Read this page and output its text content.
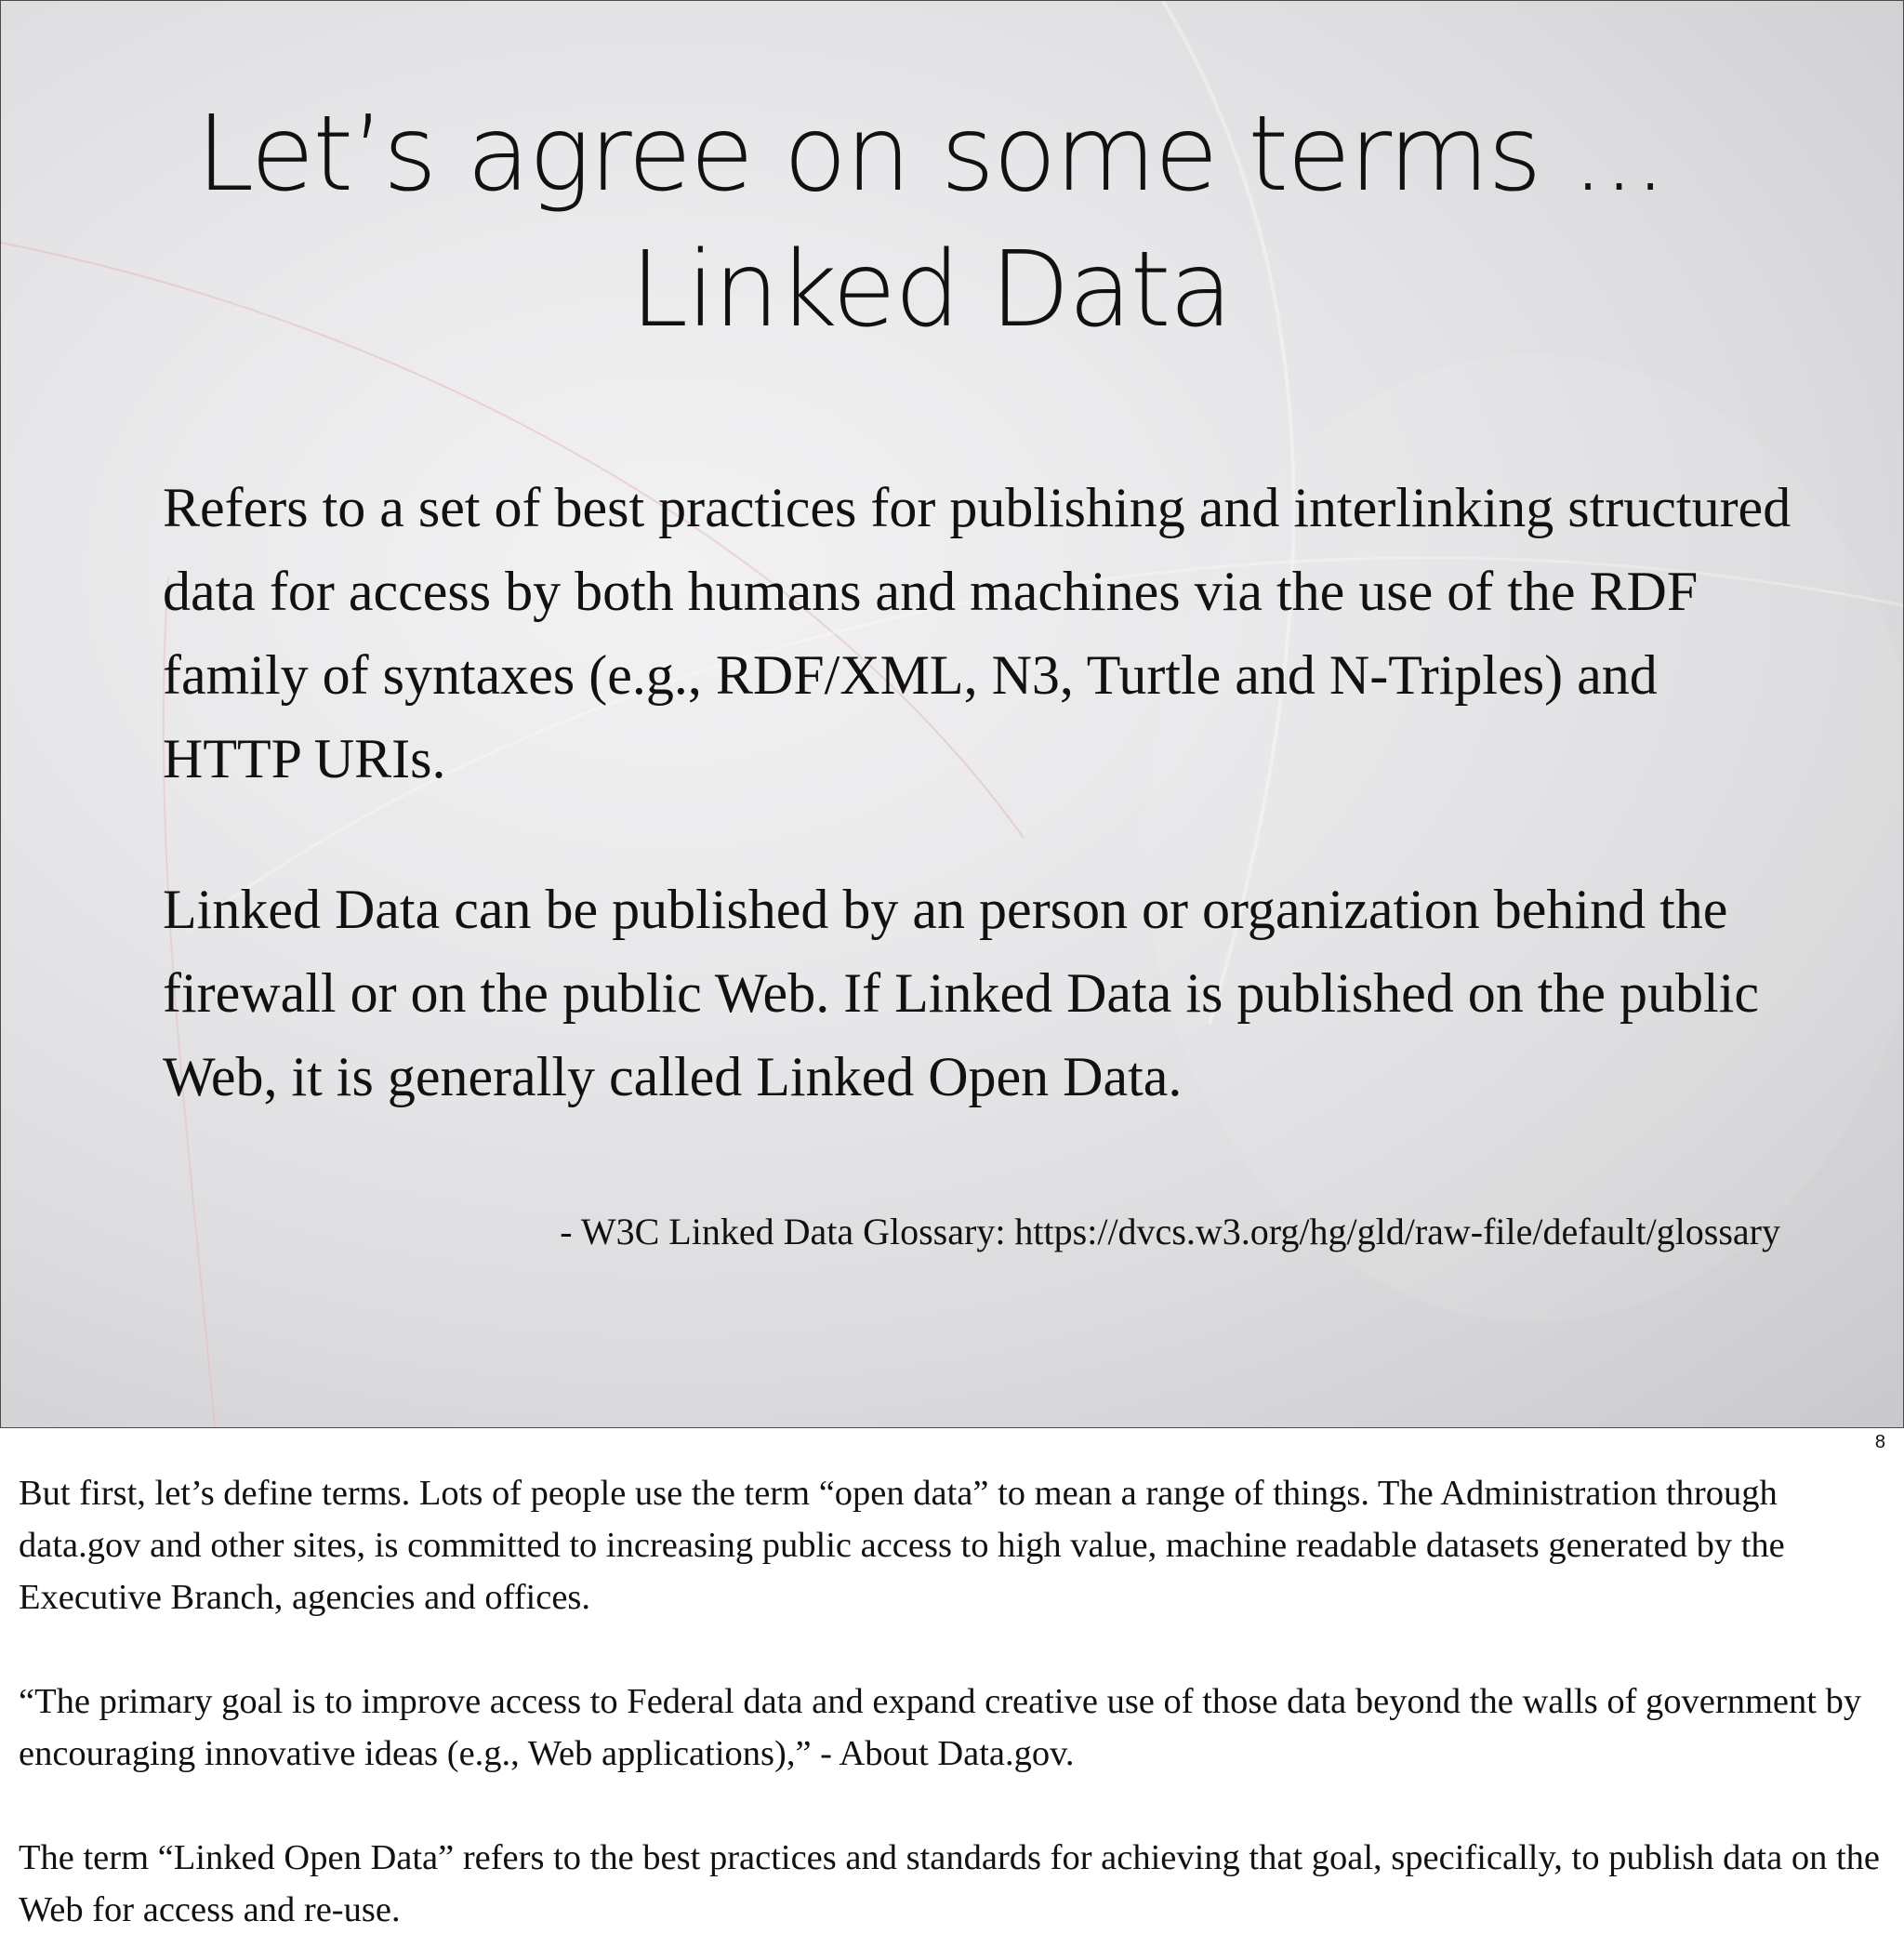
Let’s agree on some terms ...
Linked Data

Refers to a set of best practices for publishing and interlinking structured data for access by both humans and machines via the use of the RDF family of syntaxes (e.g., RDF/XML, N3, Turtle and N-Triples) and HTTP URIs.

Linked Data can be published by an person or organization behind the firewall or on the public Web. If Linked Data is published on the public Web, it is generally called Linked Open Data.

- W3C Linked Data Glossary: https://dvcs.w3.org/hg/gld/raw-file/default/glossary
8

But first, let’s define terms. Lots of people use the term “open data” to mean a range of things. The Administration through data.gov and other sites, is committed to increasing public access to high value, machine readable datasets generated by the Executive Branch, agencies and offices.

“The primary goal is to improve access to Federal data and expand creative use of those data beyond the walls of government by encouraging innovative ideas (e.g., Web applications),” - About Data.gov.

The term “Linked Open Data” refers to the best practices and standards for achieving that goal, specifically, to publish data on the Web for access and re-use.
